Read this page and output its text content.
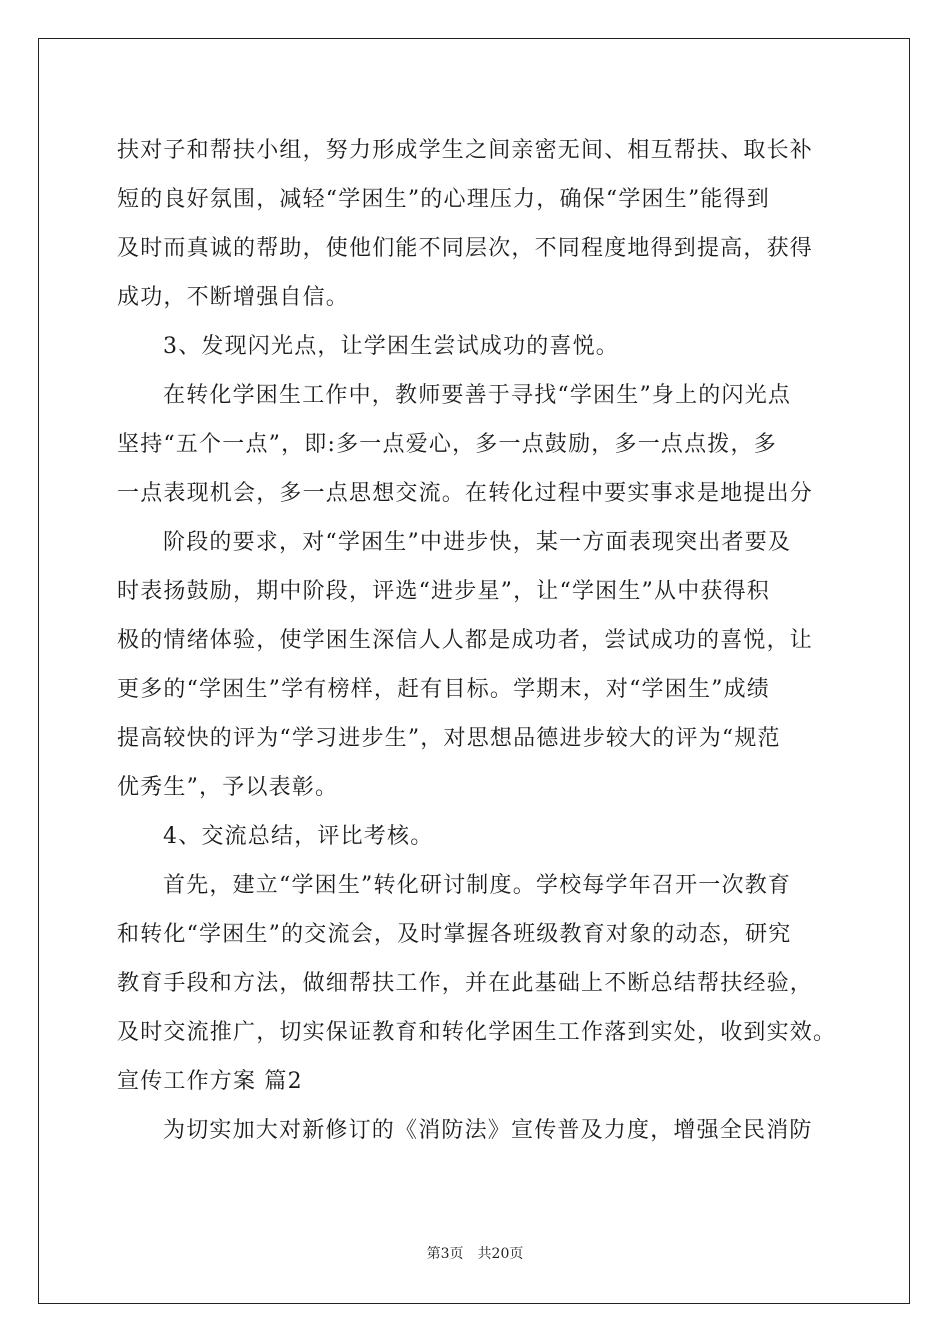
扶对子和帮扶小组，努力形成学生之间亲密无间、相互帮扶、取长补
短的良好氛围，减轻“学困生”的心理压力，确保“学困生”能得到
及时而真诚的帮助，使他们能不同层次，不同程度地得到提高，获得
成功，不断增强自信。
3、发现闪光点，让学困生尝试成功的喜悦。
在转化学困生工作中，教师要善于寻找“学困生”身上的闪光点
坚持“五个一点”，即:多一点爱心，多一点鼓励，多一点点拨，多
一点表现机会，多一点思想交流。在转化过程中要实事求是地提出分
阶段的要求，对“学困生”中进步快，某一方面表现突出者要及
时表扬鼓励，期中阶段，评选“进步星”，让“学困生”从中获得积
极的情绪体验，使学困生深信人人都是成功者，尝试成功的喜悦，让
更多的“学困生”学有榜样，赶有目标。学期末，对“学困生”成绩
提高较快的评为“学习进步生”，对思想品德进步较大的评为“规范
优秀生”，予以表彰。
4、交流总结，评比考核。
首先，建立“学困生”转化研讨制度。学校每学年召开一次教育
和转化“学困生”的交流会，及时掌握各班级教育对象的动态，研究
教育手段和方法，做细帮扶工作，并在此基础上不断总结帮扶经验，
及时交流推广，切实保证教育和转化学困生工作落到实处，收到实效。
宣传工作方案 篇2
为切实加大对新修订的《消防法》宣传普及力度，增强全民消防
第3页 共20页
